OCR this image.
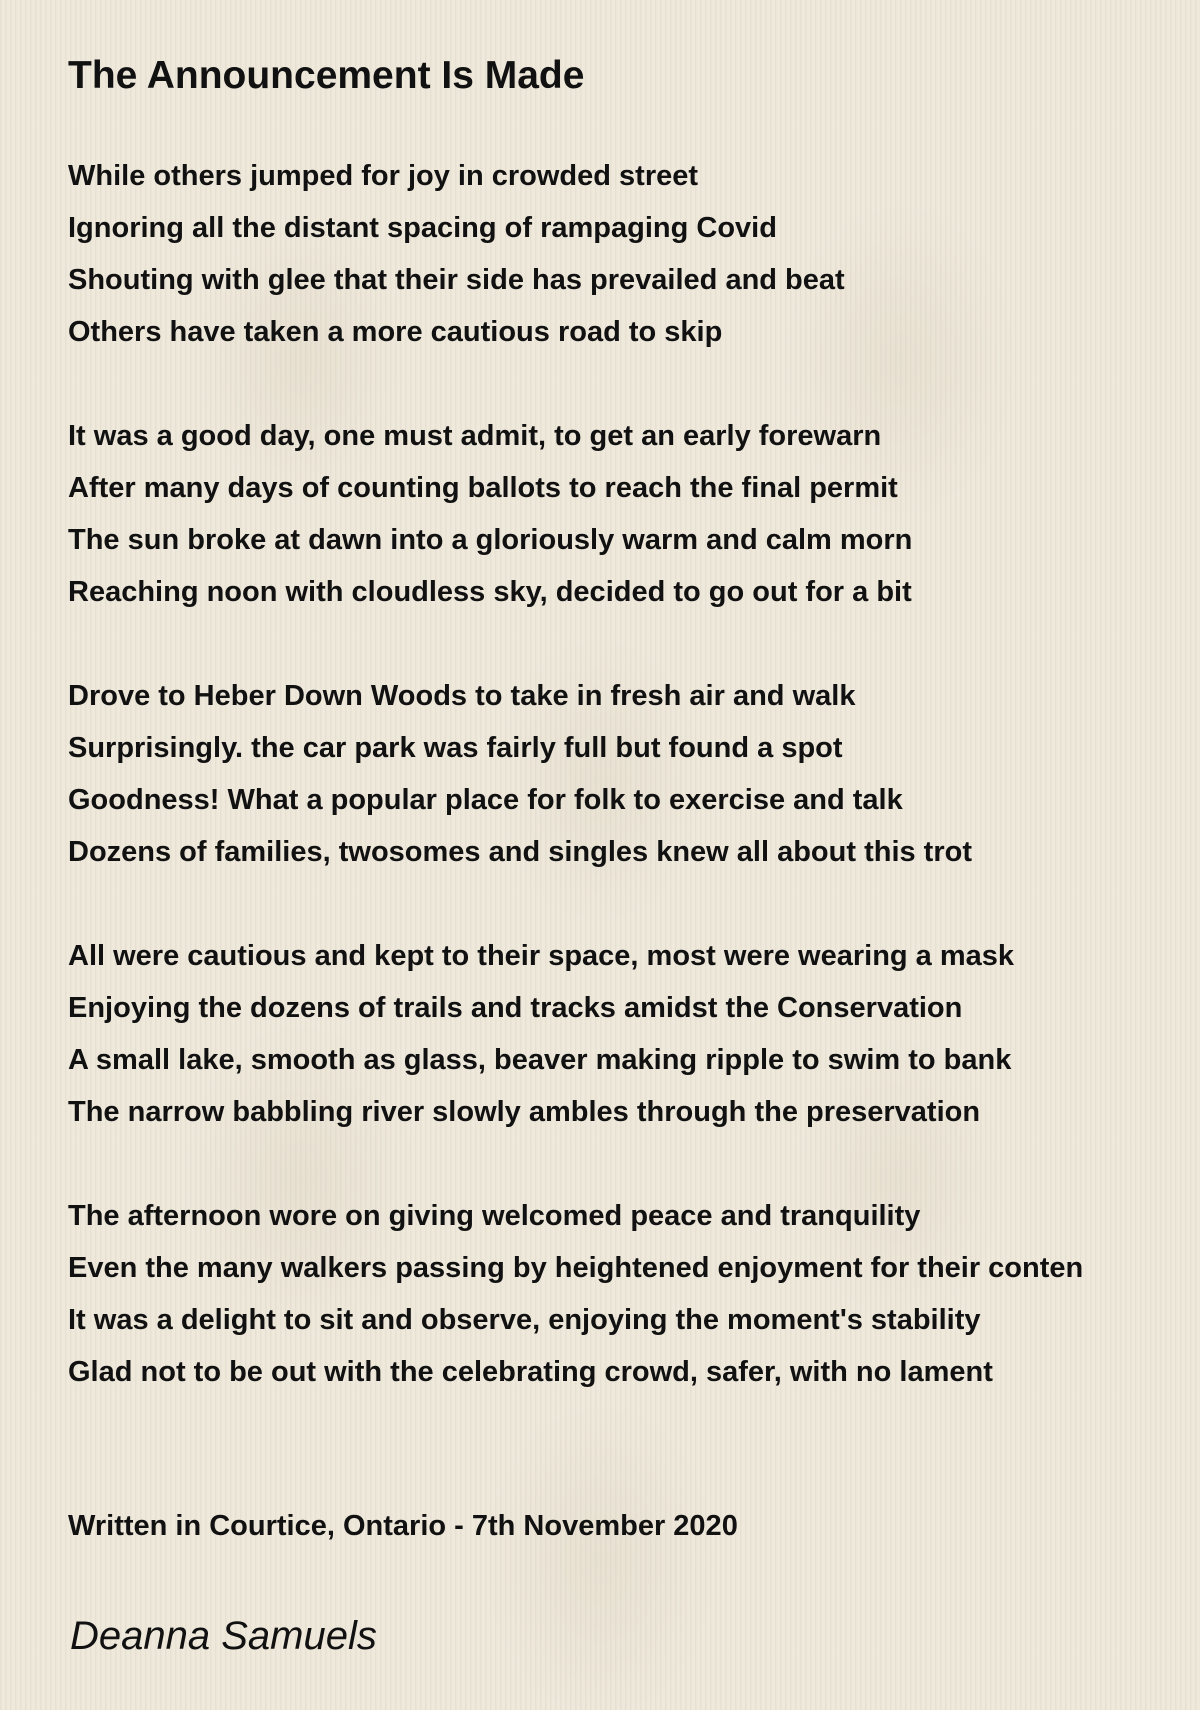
The Announcement Is Made
While others jumped for joy in crowded street
Ignoring all the distant spacing of rampaging Covid
Shouting with glee that their side has prevailed and beat
Others have taken a more cautious road to skip
It was a good day, one must admit, to get an early forewarn
After many days of counting ballots to reach the final permit
The sun broke at dawn into a gloriously warm and calm morn
Reaching noon with cloudless sky, decided to go out for a bit
Drove to Heber Down Woods to take in fresh air and walk
Surprisingly. the car park was fairly full but found a spot
Goodness! What a popular place for folk to exercise and talk
Dozens of families, twosomes and singles knew all about this trot
All were cautious and kept to their space, most were wearing a mask
Enjoying the dozens of trails and tracks amidst the Conservation
A small lake, smooth as glass, beaver making ripple to swim to bank
The narrow babbling river slowly ambles through the preservation
The afternoon wore on giving welcomed peace and tranquility
Even the many walkers passing by heightened enjoyment for their conten
It was a delight to sit and observe, enjoying the moment's stability
Glad not to be out with the celebrating crowd, safer, with no lament
Written in Courtice, Ontario - 7th November 2020
Deanna Samuels
